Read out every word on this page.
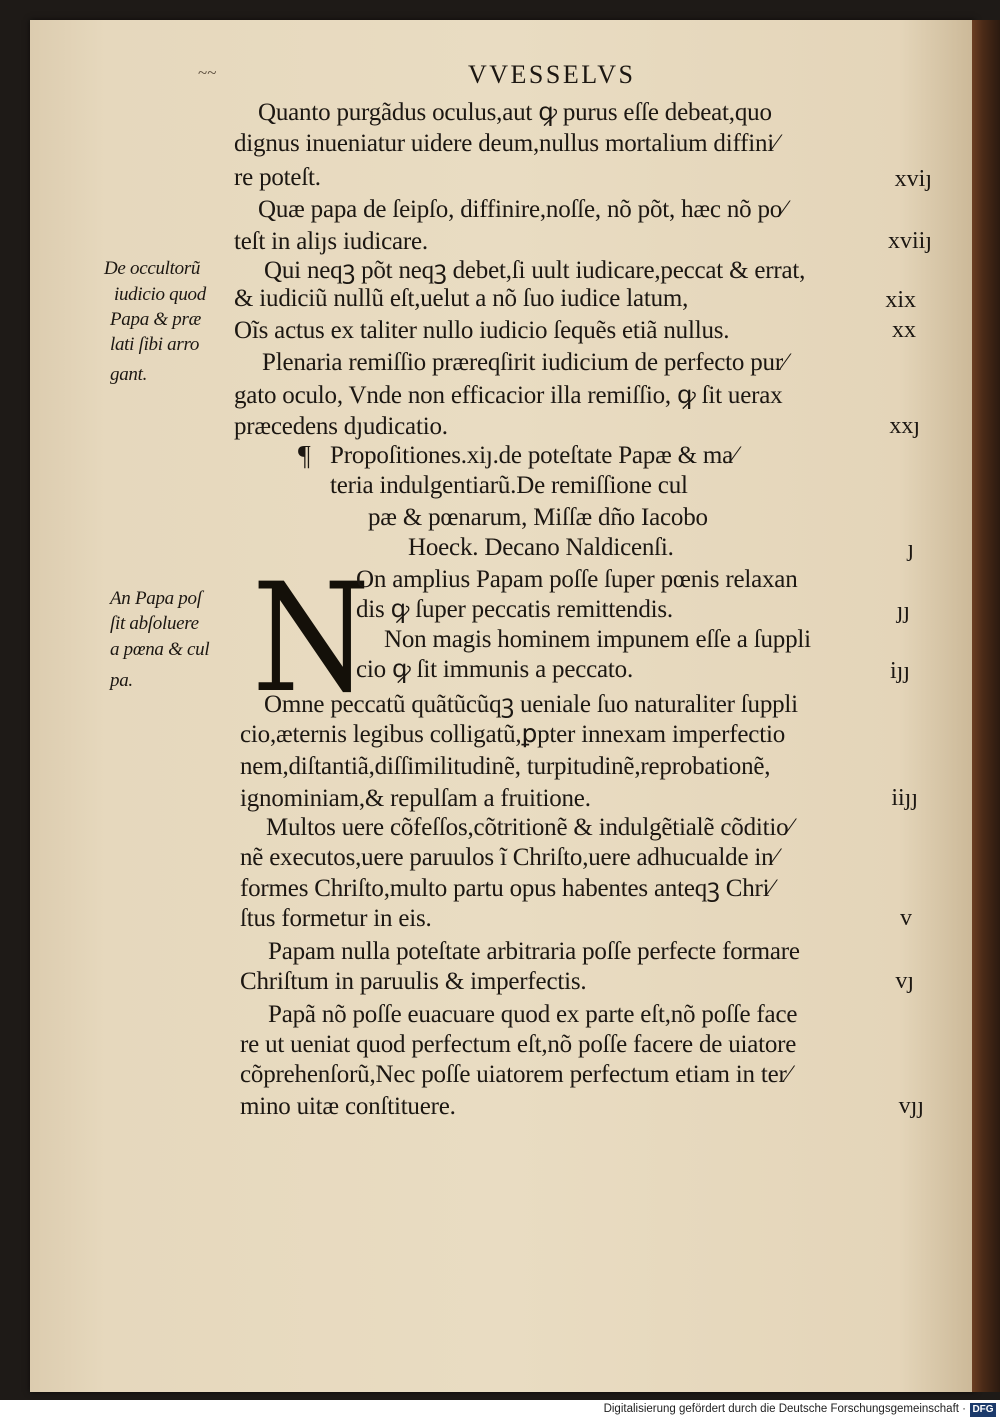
~~	VVESSELVS
Quanto purgãdus oculus,aut ꝙ purus eſſe debeat,quo
dignus inueniatur uidere deum,nullus mortalium diffini⁄
re poteſt.
Quæ papa de ſeipſo, diffinire,noſſe, nõ põt, hæc nõ po⁄
teſt in aliȷs iudicare.
Qui neqꝫ põt neqꝫ debet,ſi uult iudicare,peccat & errat,
& iudiciũ nullũ eſt,uelut a nõ ſuo iudice latum,
Oĩs actus ex taliter nullo iudicio ſequẽs etiã nullus.
Plenaria remiſſio præreqſirit iudicium de perfecto pur⁄
gato oculo, Vnde non efficacior illa remiſſio, ꝙ ſit uerax
præcedens dȷudicatio.
¶ Propoſitiones.xiȷ.de poteſtate Papæ & ma⁄
teria indulgentiarũ.De remiſſione cul
pæ & pœnarum, Miſſæ dño Iacobo
Hoeck. Decano Naldicenſi.
N
On amplius Papam poſſe ſuper pœnis relaxan
dis ꝙ ſuper peccatis remittendis.
Non magis hominem impunem eſſe a ſuppli
cio ꝙ ſit immunis a peccato.
Omne peccatũ quãtũcũqꝫ ueniale ſuo naturaliter ſuppli
cio,æternis legibus colligatũ,ꝑpter innexam imperfectio
nem,diſtantiã,diſſimilitudinẽ, turpitudinẽ,reprobationẽ,
ignominiam,& repulſam a fruitione.
Multos uere cõfeſſos,cõtritionẽ & indulgẽtialẽ cõditio⁄
nẽ executos,uere paruulos ĩ Chriſto,uere adhucualde in⁄
formes Chriſto,multo partu opus habentes anteqꝫ Chri⁄
ſtus formetur in eis.
Papam nulla poteſtate arbitraria poſſe perfecte formare
Chriſtum in paruulis & imperfectis.
Papã nõ poſſe euacuare quod ex parte eſt,nõ poſſe face
re ut ueniat quod perfectum eſt,nõ poſſe facere de uiatore
cõprehenſorũ,Nec poſſe uiatorem perfectum etiam in ter⁄
mino uitæ conſtituere.
xviȷ
xviiȷ
xix
xx
xxȷ
ȷ
ȷȷ
iȷȷ
iiȷȷ
v
vȷ
vȷȷ
De occultorũ
iudicio quod
Papa & præ
lati ſibi arro
gant.
An Papa poſ
ſit abſoluere
a pœna & cul
pa.
Digitalisierung gefördert durch die Deutsche Forschungsgemeinschaft · DFG
